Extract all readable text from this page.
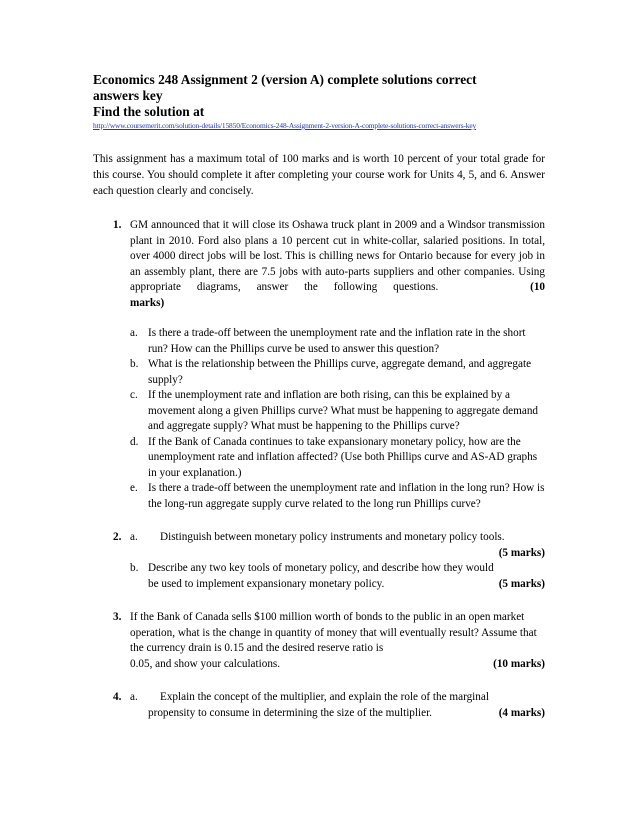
Economics 248 Assignment 2 (version A) complete solutions correct
answers key
Find the solution at
http://www.coursemerit.com/solution-details/15850/Economics-248-Assignment-2-version-A-complete-solutions-correct-answers-key
This assignment has a maximum total of 100 marks and is worth 10 percent of your total grade for this course. You should complete it after completing your course work for Units 4, 5, and 6. Answer each question clearly and concisely.
1. GM announced that it will close its Oshawa truck plant in 2009 and a Windsor transmission plant in 2010. Ford also plans a 10 percent cut in white-collar, salaried positions. In total, over 4000 direct jobs will be lost. This is chilling news for Ontario because for every job in an assembly plant, there are 7.5 jobs with auto-parts suppliers and other companies. Using appropriate diagrams, answer the following questions.	(10
marks)
a. Is there a trade-off between the unemployment rate and the inflation rate in the short run? How can the Phillips curve be used to answer this question?
b. What is the relationship between the Phillips curve, aggregate demand, and aggregate supply?
c. If the unemployment rate and inflation are both rising, can this be explained by a movement along a given Phillips curve? What must be happening to aggregate demand and aggregate supply? What must be happening to the Phillips curve?
d. If the Bank of Canada continues to take expansionary monetary policy, how are the unemployment rate and inflation affected? (Use both Phillips curve and AS-AD graphs in your explanation.)
e. Is there a trade-off between the unemployment rate and inflation in the long run? How is the long-run aggregate supply curve related to the long run Phillips curve?
2. a. Distinguish between monetary policy instruments and monetary policy tools.
(5 marks)
b. Describe any two key tools of monetary policy, and describe how they would
be used to implement expansionary monetary policy.	(5 marks)
3. If the Bank of Canada sells $100 million worth of bonds to the public in an open market operation, what is the change in quantity of money that will eventually result? Assume that the currency drain is 0.15 and the desired reserve ratio is
0.05, and show your calculations.	(10 marks)
4. a.	Explain the concept of the multiplier, and explain the role of the marginal
propensity to consume in determining the size of the multiplier.	(4 marks)
